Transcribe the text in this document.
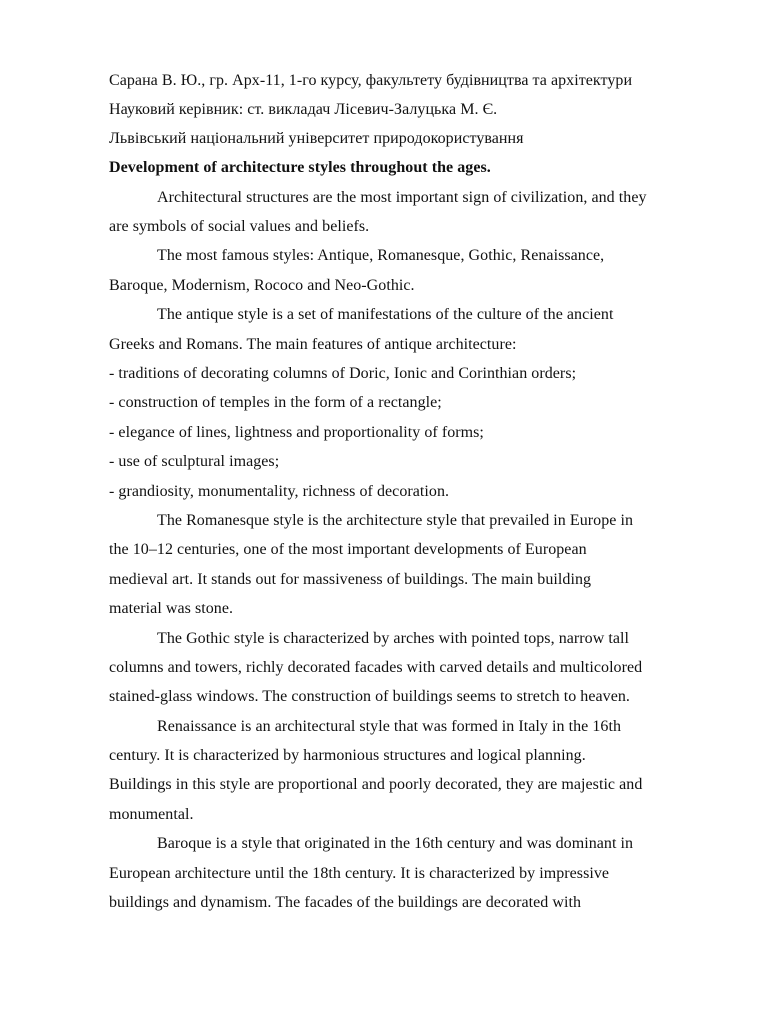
Сарана В. Ю., гр. Арх-11, 1-го курсу, факультету будівництва та архітектури
Науковий керівник: ст. викладач Лісевич-Залуцька М. Є.
Львівський національний університет природокористування
Development of architecture styles throughout the ages.
Architectural structures are the most important sign of civilization, and they
are symbols of social values and beliefs.
The most famous styles: Antique, Romanesque, Gothic, Renaissance,
Baroque, Modernism, Rococo and Neo-Gothic.
The antique style is a set of manifestations of the culture of the ancient
Greeks and Romans. The main features of antique architecture:
- traditions of decorating columns of Doric, Ionic and Corinthian orders;
- construction of temples in the form of a rectangle;
- elegance of lines, lightness and proportionality of forms;
- use of sculptural images;
- grandiosity, monumentality, richness of decoration.
The Romanesque style is the architecture style that prevailed in Europe in
the 10–12 centuries, one of the most important developments of European
medieval art. It stands out for massiveness of buildings. The main building
material was stone.
The Gothic style is characterized by arches with pointed tops, narrow tall
columns and towers, richly decorated facades with carved details and multicolored
stained-glass windows. The construction of buildings seems to stretch to heaven.
Renaissance is an architectural style that was formed in Italy in the 16th
century. It is characterized by harmonious structures and logical planning.
Buildings in this style are proportional and poorly decorated, they are majestic and
monumental.
Baroque is a style that originated in the 16th century and was dominant in
European architecture until the 18th century. It is characterized by impressive
buildings and dynamism. The facades of the buildings are decorated with
